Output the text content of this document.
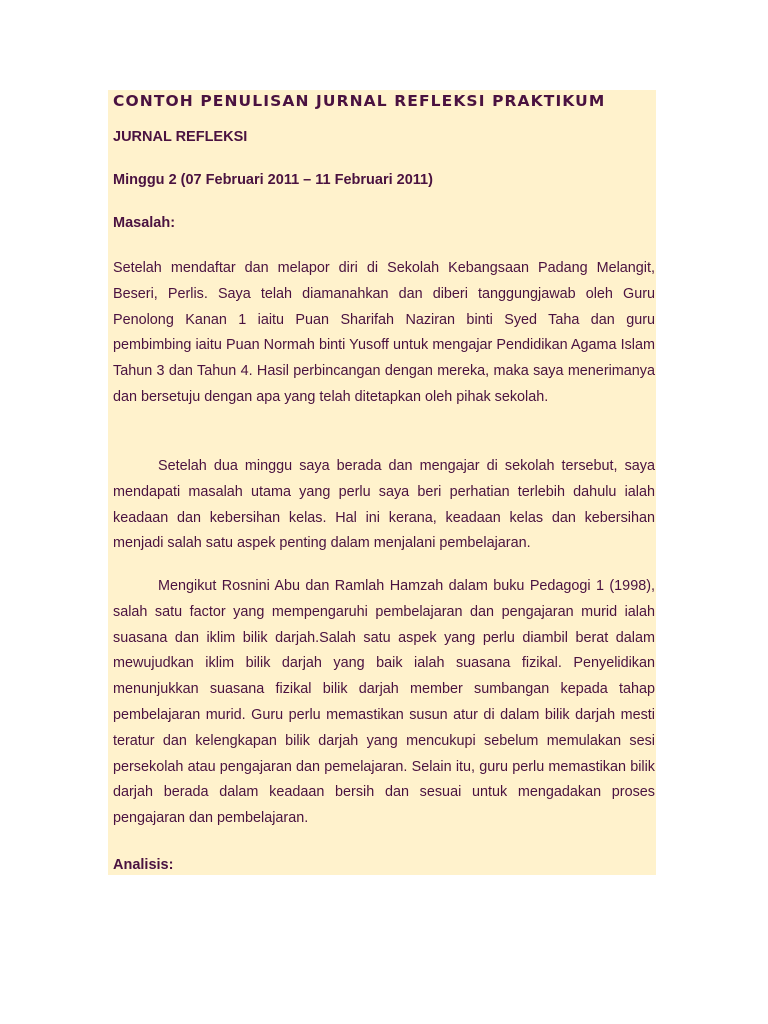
CONTOH PENULISAN JURNAL REFLEKSI PRAKTIKUM
JURNAL REFLEKSI
Minggu 2 (07 Februari 2011 – 11 Februari 2011)
Masalah:

Setelah mendaftar dan melapor diri di Sekolah Kebangsaan Padang Melangit, Beseri, Perlis. Saya telah diamanahkan dan diberi tanggungjawab oleh Guru Penolong Kanan 1 iaitu Puan Sharifah Naziran binti Syed Taha dan guru pembimbing iaitu Puan Normah binti Yusoff untuk mengajar Pendidikan Agama Islam Tahun 3 dan Tahun 4. Hasil perbincangan dengan mereka, maka saya menerimanya dan bersetuju dengan apa yang telah ditetapkan oleh pihak sekolah.

Setelah dua minggu saya berada dan mengajar di sekolah tersebut, saya mendapati masalah utama yang perlu saya beri perhatian terlebih dahulu ialah keadaan dan kebersihan kelas. Hal ini kerana, keadaan kelas dan kebersihan menjadi salah satu aspek penting dalam menjalani pembelajaran.

Mengikut Rosnini Abu dan Ramlah Hamzah dalam buku Pedagogi 1 (1998), salah satu factor yang mempengaruhi pembelajaran dan pengajaran murid ialah suasana dan iklim bilik darjah.Salah satu aspek yang perlu diambil berat dalam mewujudkan iklim bilik darjah yang baik ialah suasana fizikal. Penyelidikan menunjukkan suasana fizikal bilik darjah member sumbangan kepada tahap pembelajaran murid. Guru perlu memastikan susun atur di dalam bilik darjah mesti teratur dan kelengkapan bilik darjah yang mencukupi sebelum memulakan sesi persekolah atau pengajaran dan pemelajaran. Selain itu, guru perlu memastikan bilik darjah berada dalam keadaan bersih dan sesuai untuk mengadakan proses pengajaran dan pembelajaran.

Analisis:
